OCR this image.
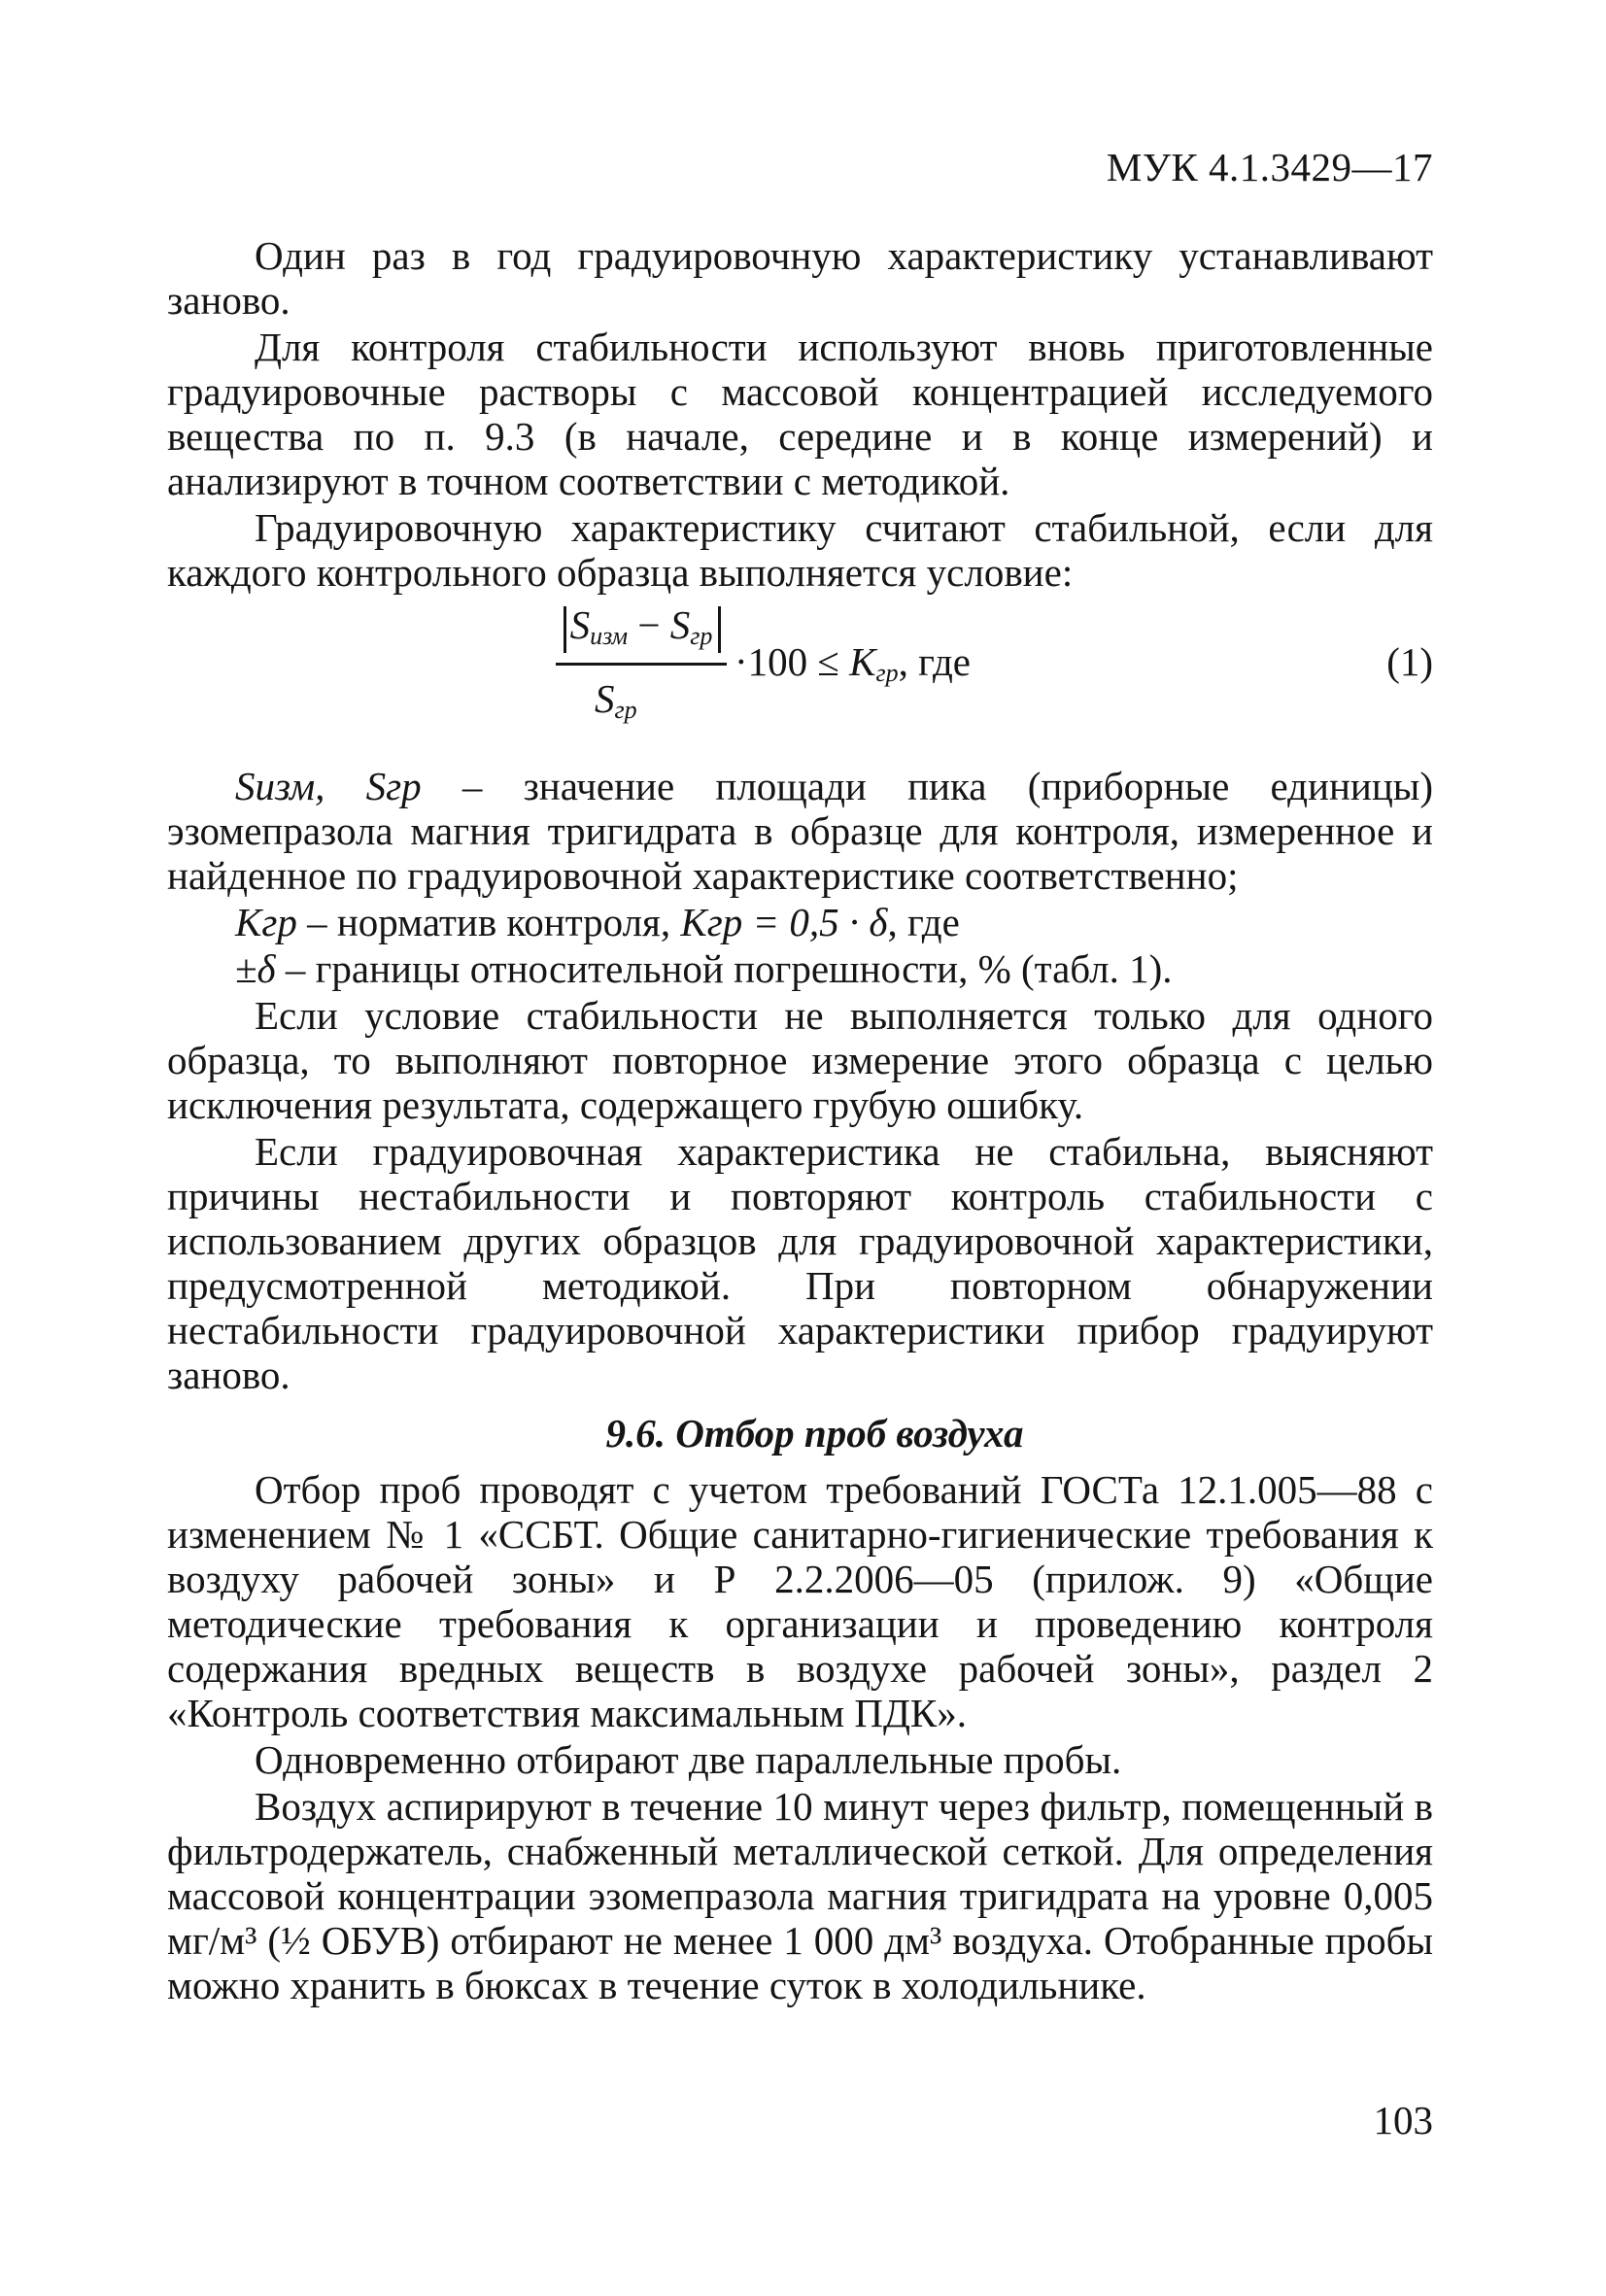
МУК 4.1.3429—17

Один раз в год градуировочную характеристику устанавливают заново.

Для контроля стабильности используют вновь приготовленные градуировочные растворы с массовой концентрацией исследуемого вещества по п. 9.3 (в начале, середине и в конце измерений) и анализируют в точном соответствии с методикой.

Градуировочную характеристику считают стабильной, если для каждого контрольного образца выполняется условие:

$S_{изм} - S_{гр}$
$S_{гр}$
$\cdot 100 \le K_{гр}$, где	(1)

Sизм, Sгр – значение площади пика (приборные единицы) эзомепразола магния тригидрата в образце для контроля, измеренное и найденное по градуировочной характеристике соответственно;

Kгр – норматив контроля, Kгр = 0,5 · δ, где

±δ – границы относительной погрешности, % (табл. 1).

Если условие стабильности не выполняется только для одного образца, то выполняют повторное измерение этого образца с целью исключения результата, содержащего грубую ошибку.

Если градуировочная характеристика не стабильна, выясняют причины нестабильности и повторяют контроль стабильности с использованием других образцов для градуировочной характеристики, предусмотренной методикой. При повторном обнаружении нестабильности градуировочной характеристики прибор градуируют заново.

9.6. Отбор проб воздуха

Отбор проб проводят с учетом требований ГОСТа 12.1.005—88 с изменением № 1 «ССБТ. Общие санитарно-гигиенические требования к воздуху рабочей зоны» и Р 2.2.2006—05 (прилож. 9) «Общие методические требования к организации и проведению контроля содержания вредных веществ в воздухе рабочей зоны», раздел 2 «Контроль соответствия максимальным ПДК».

Одновременно отбирают две параллельные пробы.

Воздух аспирируют в течение 10 минут через фильтр, помещенный в фильтродержатель, снабженный металлической сеткой. Для определения массовой концентрации эзомепразола магния тригидрата на уровне 0,005 мг/м³ (½ ОБУВ) отбирают не менее 1 000 дм³ воздуха. Отобранные пробы можно хранить в бюксах в течение суток в холодильнике.

103
